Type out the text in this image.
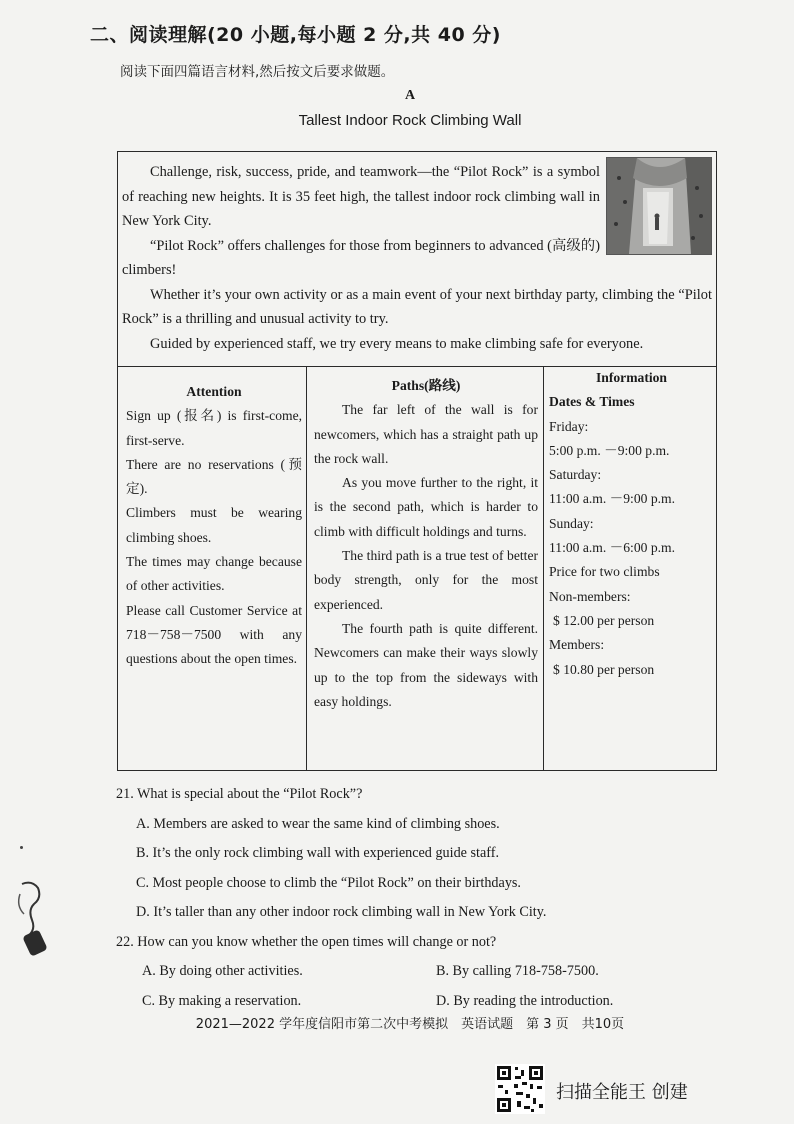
二、阅读理解(20 小题,每小题 2 分,共 40 分)
阅读下面四篇语言材料,然后按文后要求做题。
A
Tallest Indoor Rock Climbing Wall

Challenge, risk, success, pride, and teamwork—the “Pilot Rock” is a symbol of reaching new heights. It is 35 feet high, the tallest indoor rock climbing wall in New York City.

“Pilot Rock” offers challenges for those from beginners to advanced (高级的) climbers!

Whether it’s your own activity or as a main event of your next birthday party, climbing the “Pilot Rock” is a thrilling and unusual activity to try.

Guided by experienced staff, we try every means to make climbing safe for everyone.

Attention

Sign up (报名) is first-come, first-serve.

There are no reservations (预定).

Climbers must be wearing climbing shoes.

The times may change because of other activities.

Please call Customer Service at 718－758－7500 with any questions about the open times.

Paths(路线)

The far left of the wall is for newcomers, which has a straight path up the rock wall.

As you move further to the right, it is the second path, which is harder to climb with difficult holdings and turns.

The third path is a true test of better body strength, only for the most experienced.

The fourth path is quite different. Newcomers can make their ways slowly up to the top from the sideways with easy holdings.

Information

Dates & Times

Friday:

5:00 p.m. －9:00 p.m.

Saturday:

11:00 a.m. －9:00 p.m.

Sunday:

11:00 a.m. －6:00 p.m.

Price for two climbs

Non-members:

$ 12.00 per person

Members:

$ 10.80 per person

21. What is special about the “Pilot Rock”?

A. Members are asked to wear the same kind of climbing shoes.

B. It’s the only rock climbing wall with experienced guide staff.

C. Most people choose to climb the “Pilot Rock” on their birthdays.

D. It’s taller than any other indoor rock climbing wall in New York City.

22. How can you know whether the open times will change or not?

A. By doing other activities.	B. By calling 718-758-7500.
C. By making a reservation.	D. By reading the introduction.
2021—2022 学年度信阳市第二次中考模拟　英语试题　第 3 页　共10页
扫描全能王 创建
